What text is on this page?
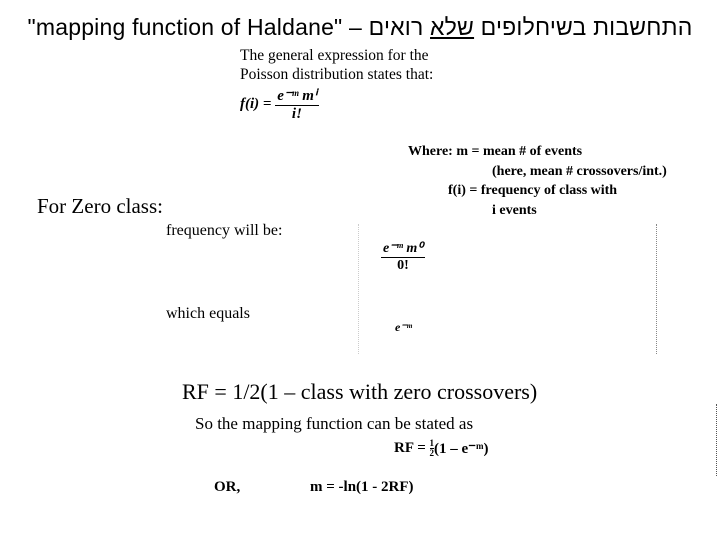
"mapping function of Haldane" –	התחשבות בשיחלופים שלא רואים
The general expression for the
Poisson distribution states that:
$f(i) = \frac{\text{e⁻ᵐ mⁱ}}{i!}$
Where: m = mean # of events
(here, mean # crossovers/int.)
f(i) = frequency of class with
i events
For Zero class:
frequency will be:
$\frac{\text{e⁻ᵐ m⁰}}{0!}$
which equals
e⁻ᵐ
RF = 1/2(1 – class with zero crossovers)
So the mapping function can be stated as
RF = $\frac{1}{2} (1$ – e⁻ᵐ)
OR,	m = -ln(1 - 2RF)
